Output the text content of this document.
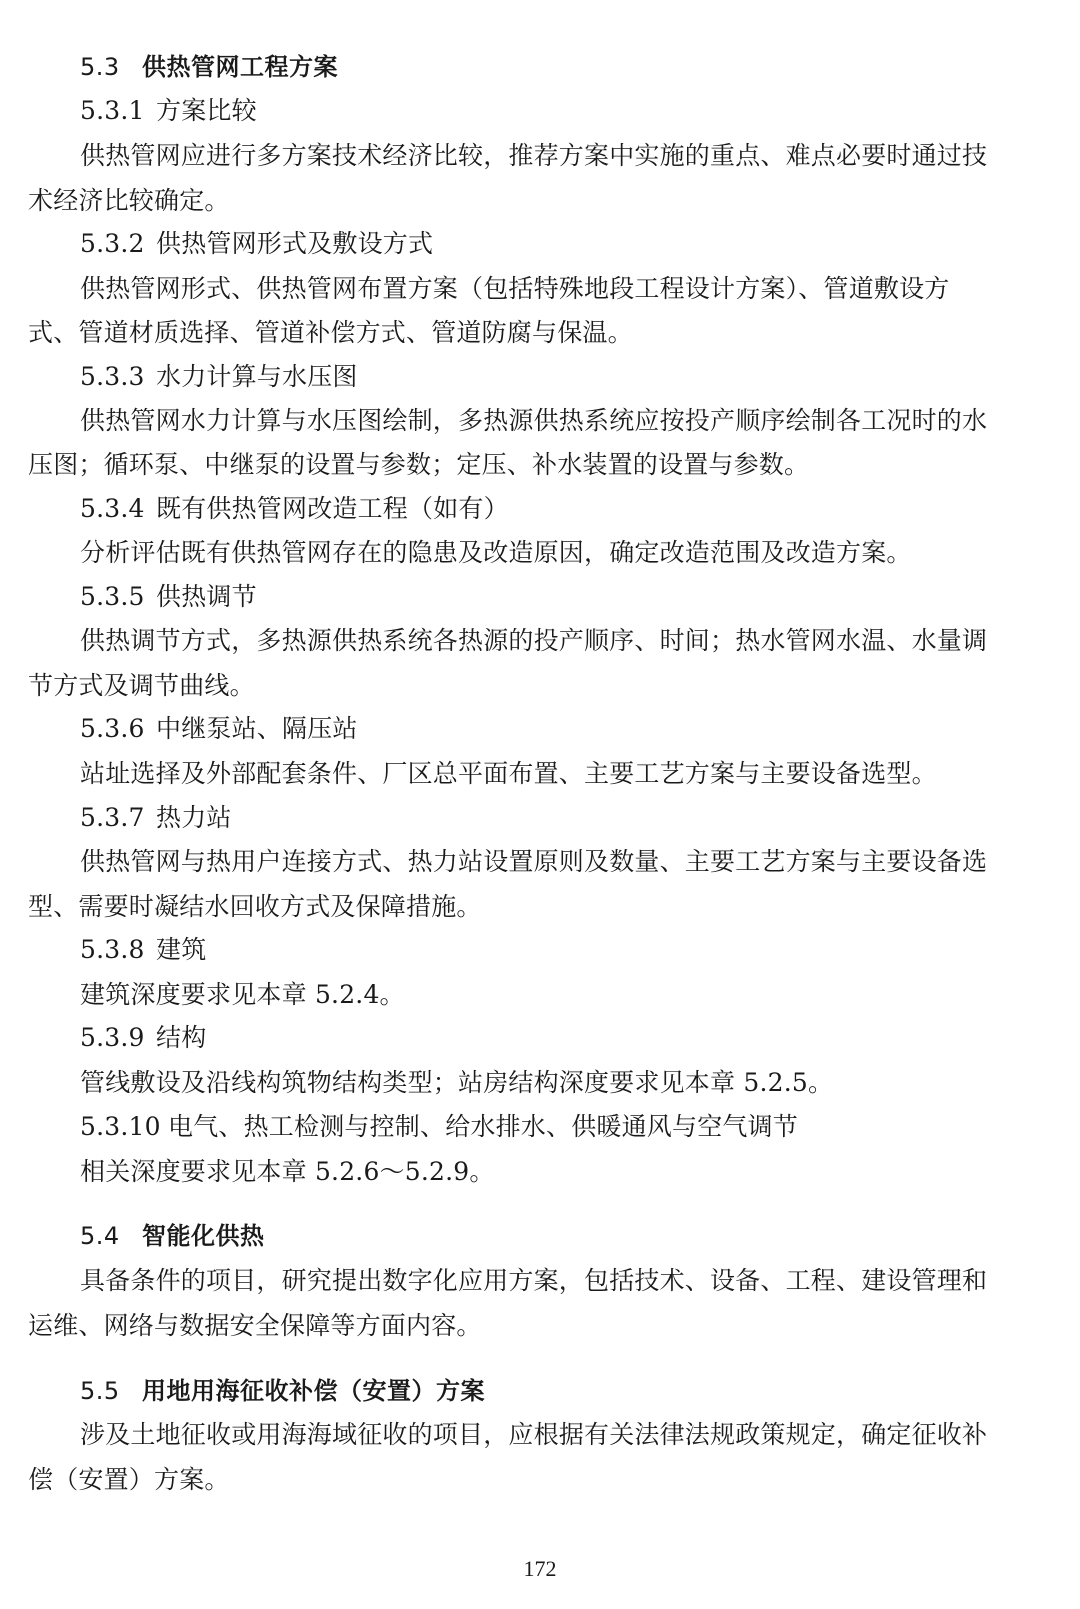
5.3 供热管网工程方案
5.3.1 方案比较
供热管网应进行多方案技术经济比较，推荐方案中实施的重点、难点必要时通过技
术经济比较确定。
5.3.2 供热管网形式及敷设方式
供热管网形式、供热管网布置方案（包括特殊地段工程设计方案）、管道敷设方
式、管道材质选择、管道补偿方式、管道防腐与保温。
5.3.3 水力计算与水压图
供热管网水力计算与水压图绘制，多热源供热系统应按投产顺序绘制各工况时的水
压图；循环泵、中继泵的设置与参数；定压、补水装置的设置与参数。
5.3.4 既有供热管网改造工程（如有）
分析评估既有供热管网存在的隐患及改造原因，确定改造范围及改造方案。
5.3.5 供热调节
供热调节方式，多热源供热系统各热源的投产顺序、时间；热水管网水温、水量调
节方式及调节曲线。
5.3.6 中继泵站、隔压站
站址选择及外部配套条件、厂区总平面布置、主要工艺方案与主要设备选型。
5.3.7 热力站
供热管网与热用户连接方式、热力站设置原则及数量、主要工艺方案与主要设备选
型、需要时凝结水回收方式及保障措施。
5.3.8 建筑
建筑深度要求见本章 5.2.4。
5.3.9 结构
管线敷设及沿线构筑物结构类型；站房结构深度要求见本章 5.2.5。
5.3.10 电气、热工检测与控制、给水排水、供暖通风与空气调节
相关深度要求见本章 5.2.6～5.2.9。
5.4 智能化供热
具备条件的项目，研究提出数字化应用方案，包括技术、设备、工程、建设管理和
运维、网络与数据安全保障等方面内容。
5.5 用地用海征收补偿（安置）方案
涉及土地征收或用海海域征收的项目，应根据有关法律法规政策规定，确定征收补
偿（安置）方案。
172
